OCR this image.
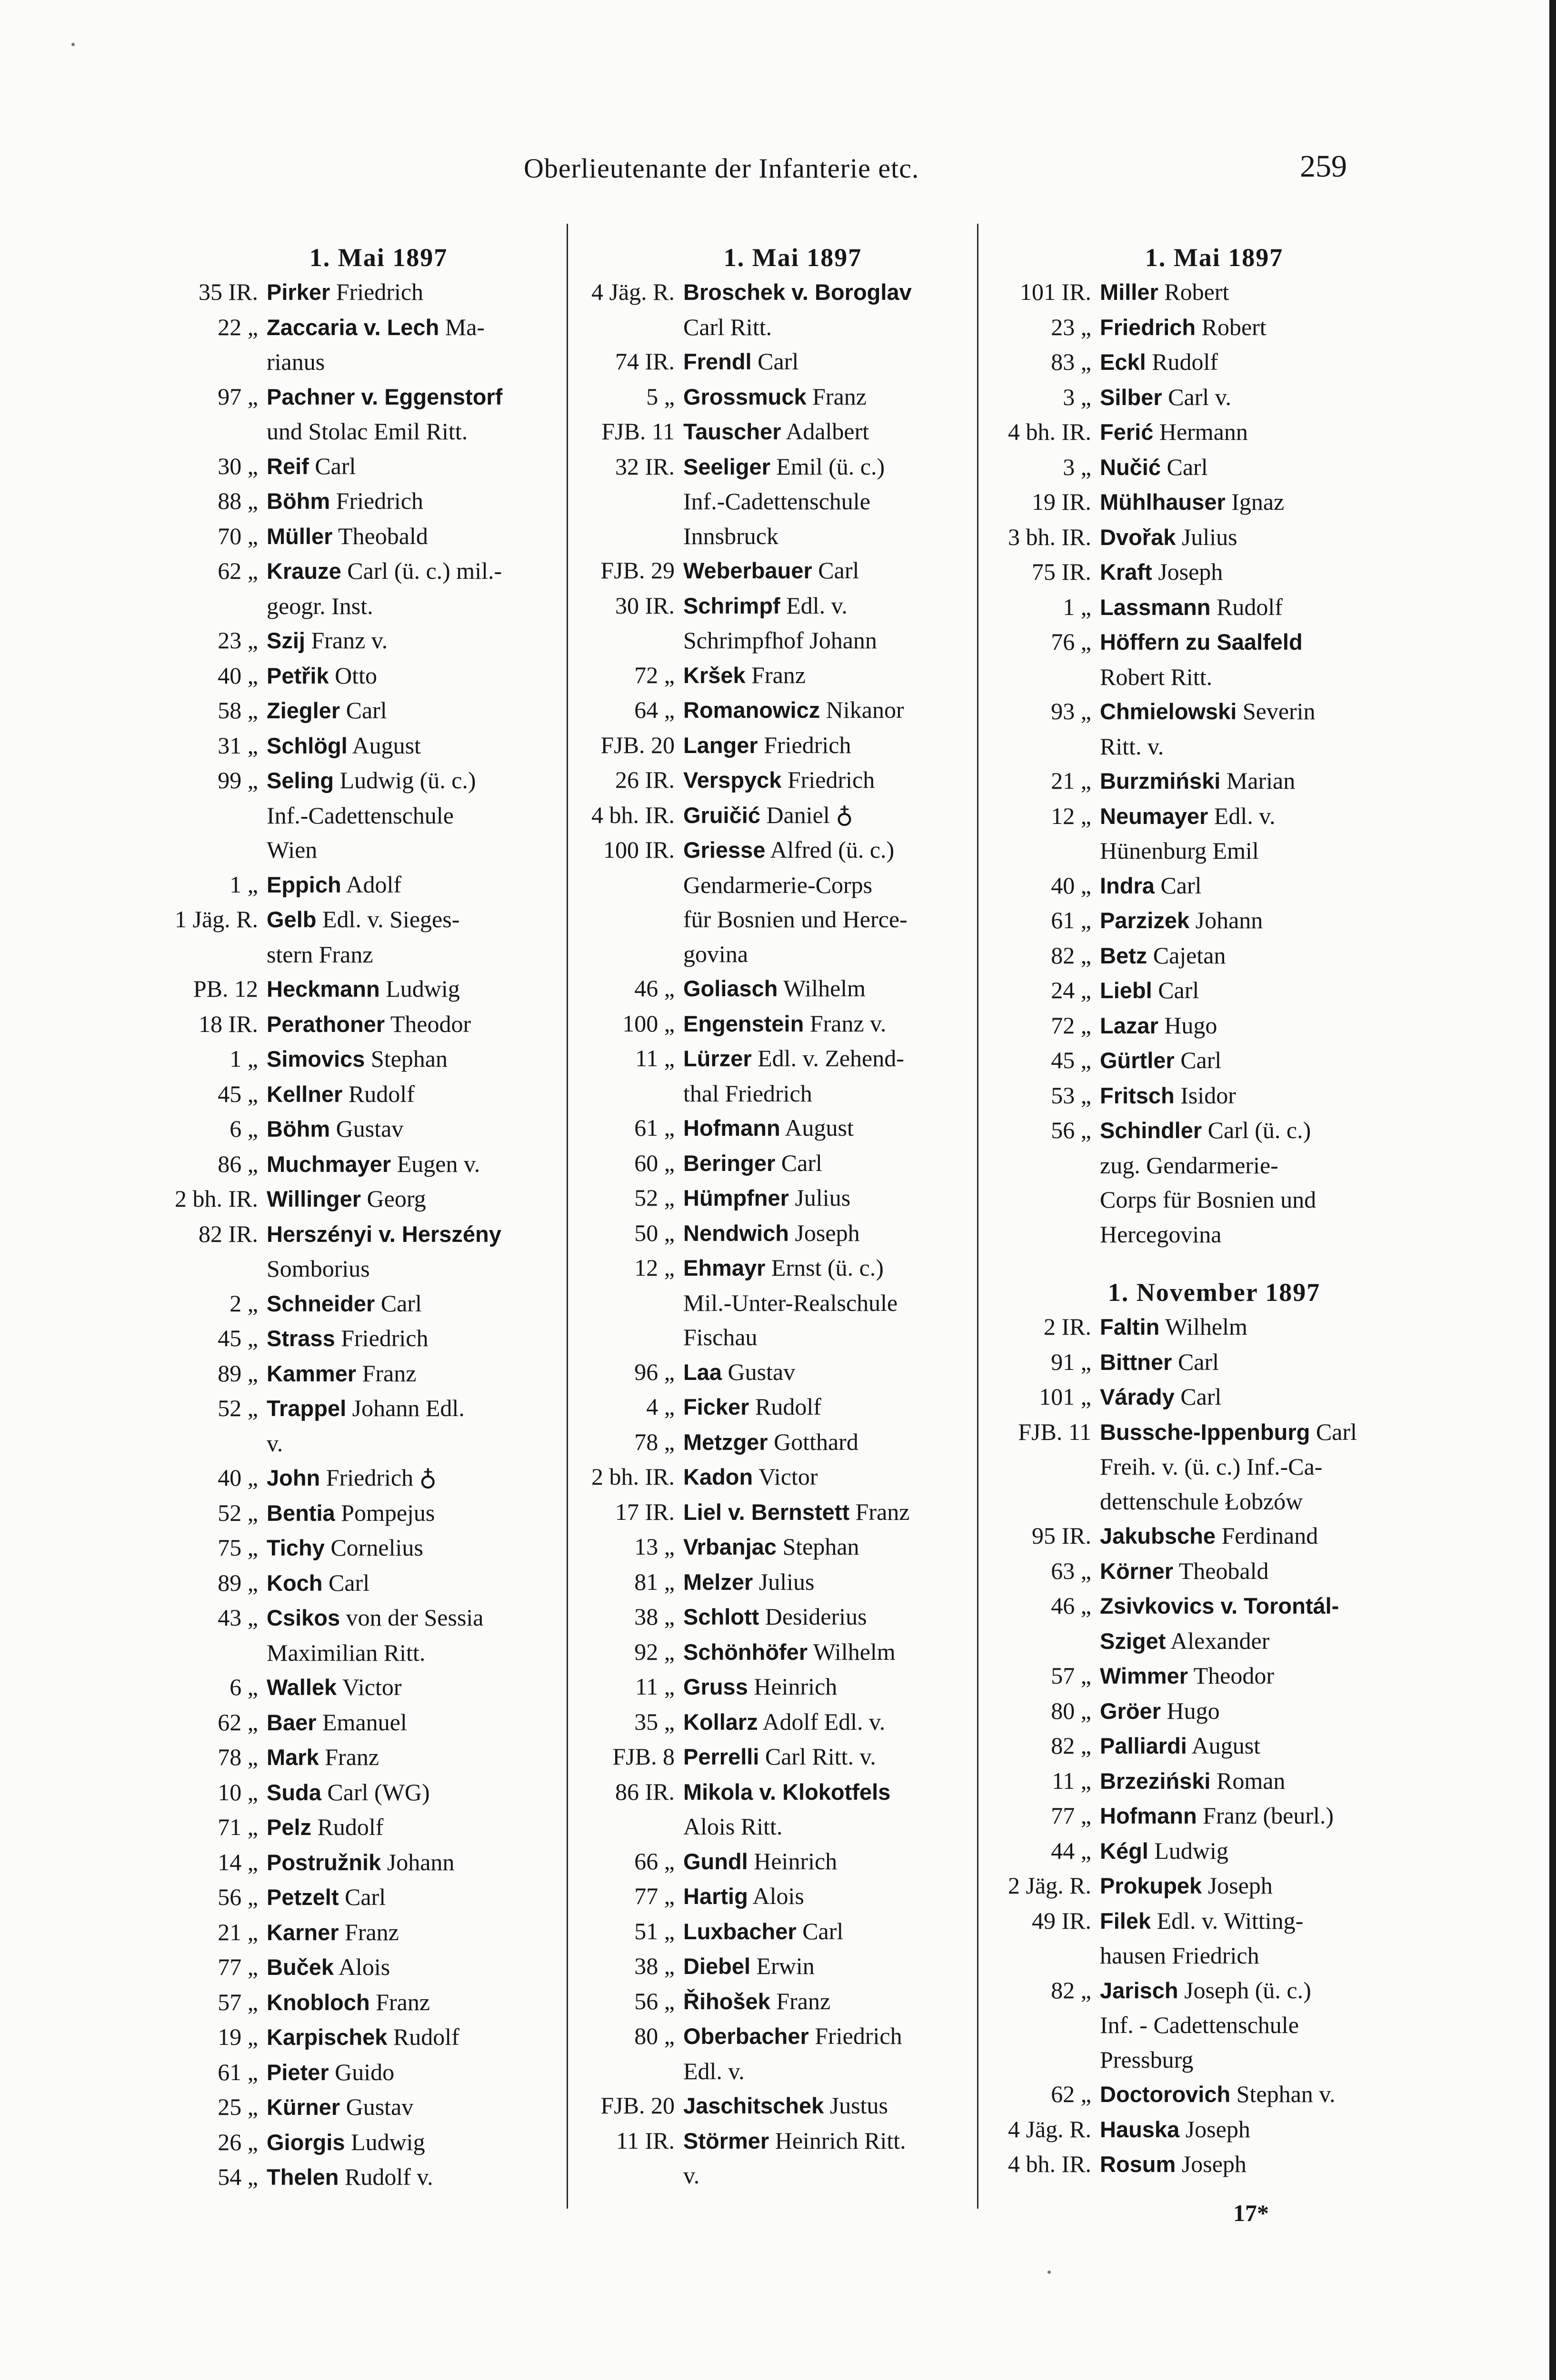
Oberlieutenante der Infanterie etc.	259
1. Mai 1897
35 IR. Pirker Friedrich
22 „ Zaccaria v. Lech Ma-
rianus
97 „ Pachner v. Eggenstorf
und Stolac Emil Ritt.
30 „ Reif Carl
88 „ Böhm Friedrich
70 „ Müller Theobald
62 „ Krauze Carl (ü. c.) mil.-
geogr. Inst.
23 „ Szij Franz v.
40 „ Petřik Otto
58 „ Ziegler Carl
31 „ Schlögl August
99 „ Seling Ludwig (ü. c.)
Inf.-Cadettenschule
Wien
1 „ Eppich Adolf
1 Jäg. R. Gelb Edl. v. Sieges-
stern Franz
PB. 12 Heckmann Ludwig
18 IR. Perathoner Theodor
1 „ Simovics Stephan
45 „ Kellner Rudolf
6 „ Böhm Gustav
86 „ Muchmayer Eugen v.
2 bh. IR. Willinger Georg
82 IR. Herszényi v. Herszény
Somborius
2 „ Schneider Carl
45 „ Strass Friedrich
89 „ Kammer Franz
52 „ Trappel Johann Edl.
v.
40 „ John Friedrich ♁
52 „ Bentia Pompejus
75 „ Tichy Cornelius
89 „ Koch Carl
43 „ Csikos von der Sessia
Maximilian Ritt.
6 „ Wallek Victor
62 „ Baer Emanuel
78 „ Mark Franz
10 „ Suda Carl (WG)
71 „ Pelz Rudolf
14 „ Postružnik Johann
56 „ Petzelt Carl
21 „ Karner Franz
77 „ Buček Alois
57 „ Knobloch Franz
19 „ Karpischek Rudolf
61 „ Pieter Guido
25 „ Kürner Gustav
26 „ Giorgis Ludwig
54 „ Thelen Rudolf v.
1. Mai 1897
4 Jäg. R. Broschek v. Boroglav
Carl Ritt.
74 IR. Frendl Carl
5 „ Grossmuck Franz
FJB. 11 Tauscher Adalbert
32 IR. Seeliger Emil (ü. c.)
Inf.-Cadettenschule
Innsbruck
FJB. 29 Weberbauer Carl
30 IR. Schrimpf Edl. v.
Schrimpfhof Johann
72 „ Kršek Franz
64 „ Romanowicz Nikanor
FJB. 20 Langer Friedrich
26 IR. Verspyck Friedrich
4 bh. IR. Gruičić Daniel ♁
100 IR. Griesse Alfred (ü. c.)
Gendarmerie-Corps
für Bosnien und Herce-
govina
46 „ Goliasch Wilhelm
100 „ Engenstein Franz v.
11 „ Lürzer Edl. v. Zehend-
thal Friedrich
61 „ Hofmann August
60 „ Beringer Carl
52 „ Hümpfner Julius
50 „ Nendwich Joseph
12 „ Ehmayr Ernst (ü. c.)
Mil.-Unter-Realschule
Fischau
96 „ Laa Gustav
4 „ Ficker Rudolf
78 „ Metzger Gotthard
2 bh. IR. Kadon Victor
17 IR. Liel v. Bernstett Franz
13 „ Vrbanjac Stephan
81 „ Melzer Julius
38 „ Schlott Desiderius
92 „ Schönhöfer Wilhelm
11 „ Gruss Heinrich
35 „ Kollarz Adolf Edl. v.
FJB. 8 Perrelli Carl Ritt. v.
86 IR. Mikola v. Klokotfels
Alois Ritt.
66 „ Gundl Heinrich
77 „ Hartig Alois
51 „ Luxbacher Carl
38 „ Diebel Erwin
56 „ Řihošek Franz
80 „ Oberbacher Friedrich
Edl. v.
FJB. 20 Jaschitschek Justus
11 IR. Störmer Heinrich Ritt.
v.
1. Mai 1897
101 IR. Miller Robert
23 „ Friedrich Robert
83 „ Eckl Rudolf
3 „ Silber Carl v.
4 bh. IR. Ferić Hermann
3 „ Nučić Carl
19 IR. Mühlhauser Ignaz
3 bh. IR. Dvořak Julius
75 IR. Kraft Joseph
1 „ Lassmann Rudolf
76 „ Höffern zu Saalfeld
Robert Ritt.
93 „ Chmielowski Severin
Ritt. v.
21 „ Burzmiński Marian
12 „ Neumayer Edl. v.
Hünenburg Emil
40 „ Indra Carl
61 „ Parzizek Johann
82 „ Betz Cajetan
24 „ Liebl Carl
72 „ Lazar Hugo
45 „ Gürtler Carl
53 „ Fritsch Isidor
56 „ Schindler Carl (ü. c.)
zug. Gendarmerie-
Corps für Bosnien und
Hercegovina
1. November 1897
2 IR. Faltin Wilhelm
91 „ Bittner Carl
101 „ Várady Carl
FJB. 11 Bussche-Ippenburg Carl
Freih. v. (ü. c.) Inf.-Ca-
dettenschule Łobzów
95 IR. Jakubsche Ferdinand
63 „ Körner Theobald
46 „ Zsivkovics v. Torontál-
Sziget Alexander
57 „ Wimmer Theodor
80 „ Gröer Hugo
82 „ Palliardi August
11 „ Brzeziński Roman
77 „ Hofmann Franz (beurl.)
44 „ Kégl Ludwig
2 Jäg. R. Prokupek Joseph
49 IR. Filek Edl. v. Witting-
hausen Friedrich
82 „ Jarisch Joseph (ü. c.)
Inf. - Cadettenschule
Pressburg
62 „ Doctorovich Stephan v.
4 Jäg. R. Hauska Joseph
4 bh. IR. Rosum Joseph
17*
